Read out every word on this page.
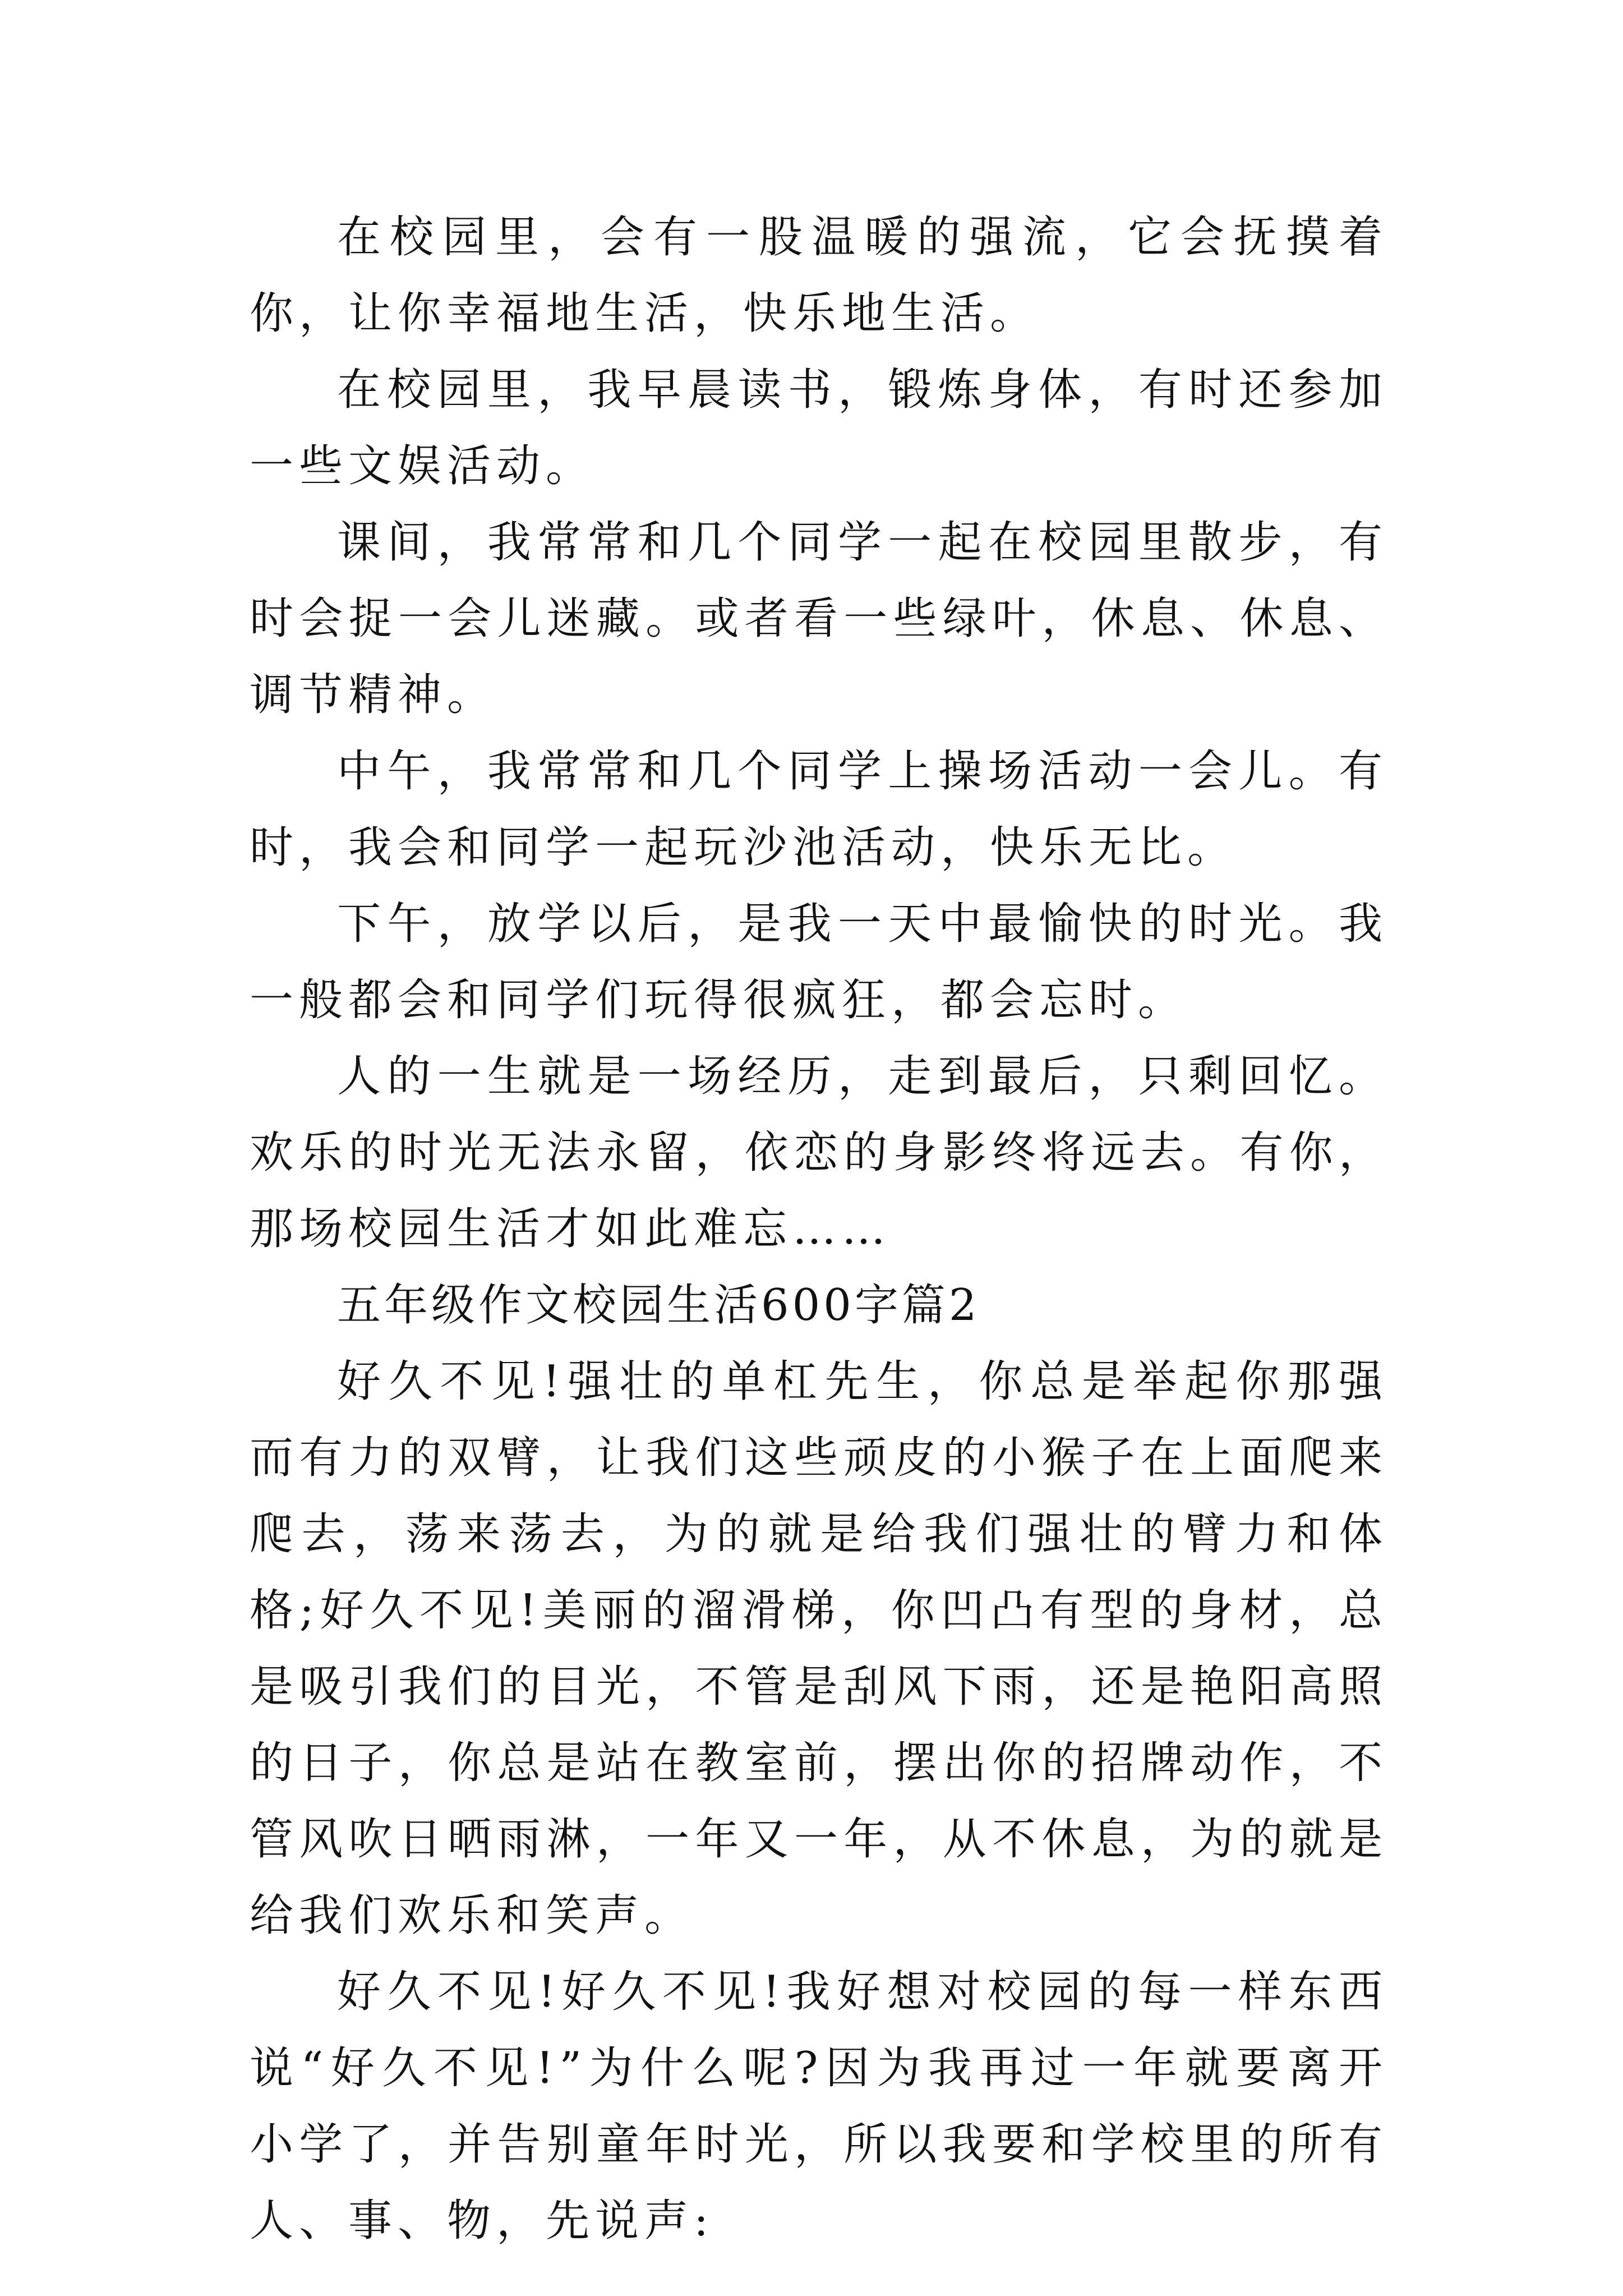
在校园里，会有一股温暖的强流，它会抚摸着你，让你幸福地生活，快乐地生活。

在校园里，我早晨读书，锻炼身体，有时还参加一些文娱活动。

课间，我常常和几个同学一起在校园里散步，有时会捉一会儿迷藏。或者看一些绿叶，休息、休息、调节精神。

中午，我常常和几个同学上操场活动一会儿。有时，我会和同学一起玩沙池活动，快乐无比。

下午，放学以后，是我一天中最愉快的时光。我一般都会和同学们玩得很疯狂，都会忘时。

人的一生就是一场经历，走到最后，只剩回忆。欢乐的时光无法永留，依恋的身影终将远去。有你，那场校园生活才如此难忘……

五年级作文校园生活600字篇2

好久不见!强壮的单杠先生，你总是举起你那强而有力的双臂，让我们这些顽皮的小猴子在上面爬来爬去，荡来荡去，为的就是给我们强壮的臂力和体格;好久不见!美丽的溜滑梯，你凹凸有型的身材，总是吸引我们的目光，不管是刮风下雨，还是艳阳高照的日子，你总是站在教室前，摆出你的招牌动作，不管风吹日晒雨淋，一年又一年，从不休息，为的就是给我们欢乐和笑声。

好久不见!好久不见!我好想对校园的每一样东西说“好久不见!”为什么呢?因为我再过一年就要离开小学了，并告别童年时光，所以我要和学校里的所有人、事、物，先说声:
